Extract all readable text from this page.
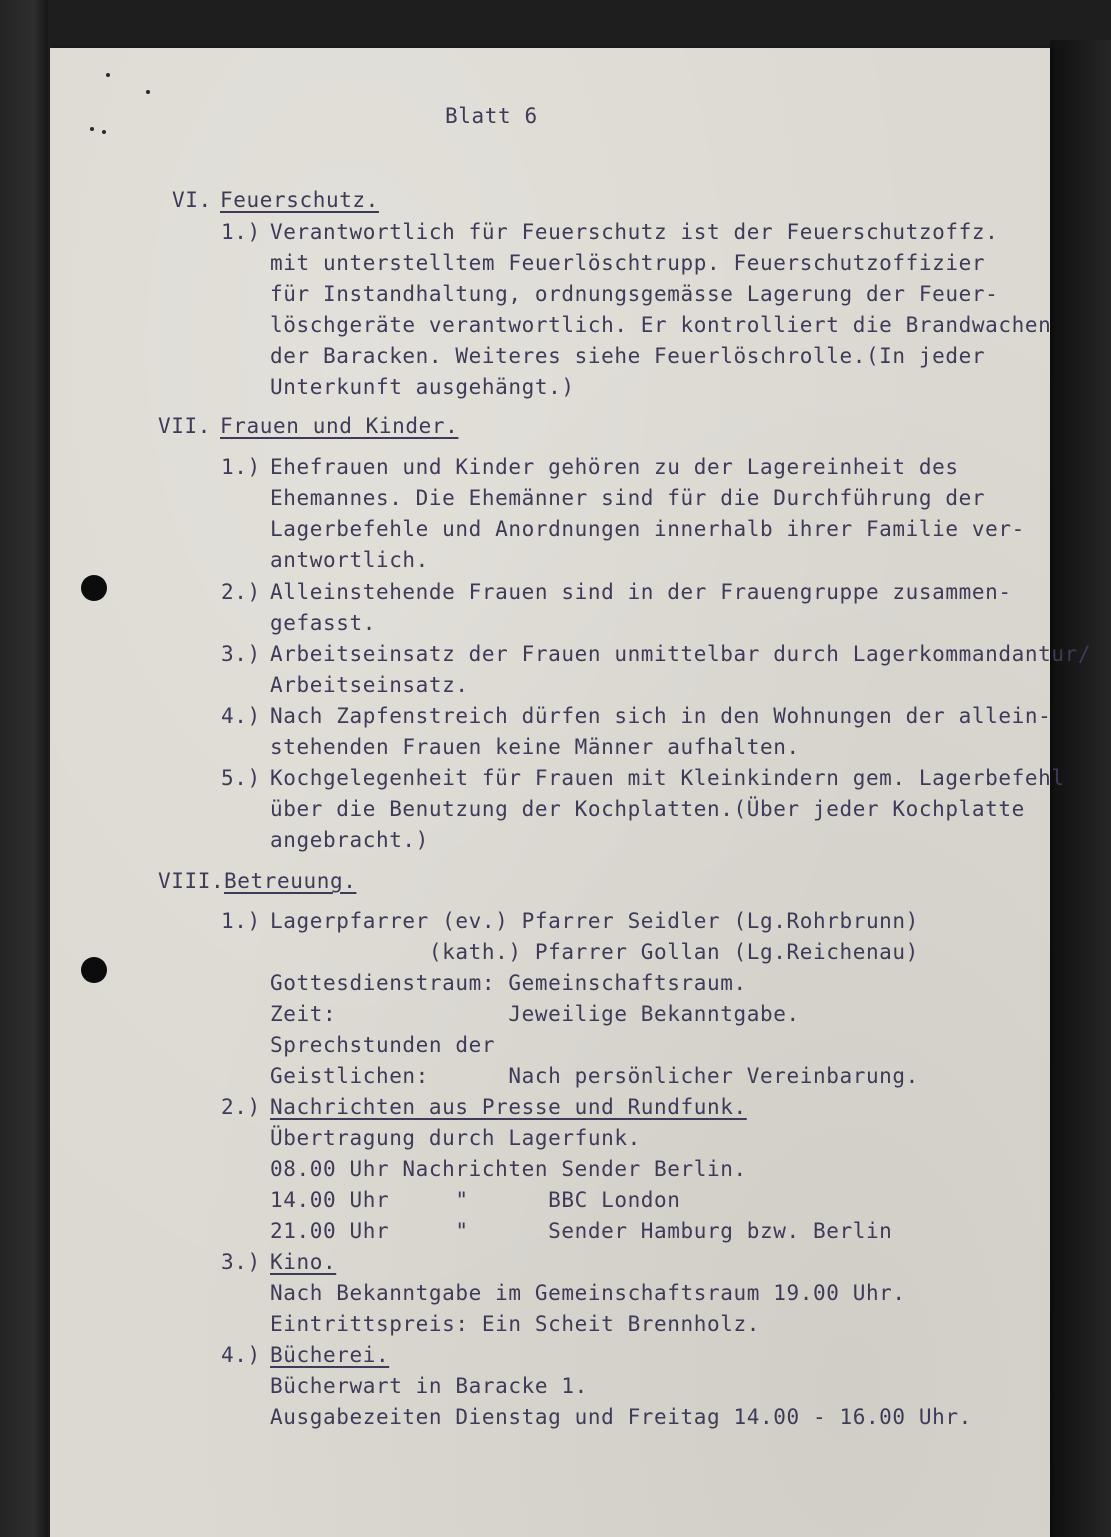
Blatt 6
VI. Feuerschutz.
1.) Verantwortlich für Feuerschutz ist der Feuerschutzoffz.
mit unterstelltem Feuerlöschtrupp. Feuerschutzoffizier
für Instandhaltung, ordnungsgemässe Lagerung der Feuer-
löschgeräte verantwortlich. Er kontrolliert die Brandwachen
der Baracken. Weiteres siehe Feuerlöschrolle.(In jeder
Unterkunft ausgehängt.)
VII. Frauen und Kinder.
1.) Ehefrauen und Kinder gehören zu der Lagereinheit des
Ehemannes. Die Ehemänner sind für die Durchführung der
Lagerbefehle und Anordnungen innerhalb ihrer Familie ver-
antwortlich.
2.) Alleinstehende Frauen sind in der Frauengruppe zusammen-
gefasst.
3.) Arbeitseinsatz der Frauen unmittelbar durch Lagerkommandantur/
Arbeitseinsatz.
4.) Nach Zapfenstreich dürfen sich in den Wohnungen der allein-
stehenden Frauen keine Männer aufhalten.
5.) Kochgelegenheit für Frauen mit Kleinkindern gem. Lagerbefehl
über die Benutzung der Kochplatten.(Über jeder Kochplatte
angebracht.)
VIII. Betreuung.
1.) Lagerpfarrer (ev.) Pfarrer Seidler (Lg.Rohrbrunn)
(kath.) Pfarrer Gollan (Lg.Reichenau)
Gottesdienstraum: Gemeinschaftsraum.
Zeit:             Jeweilige Bekanntgabe.
Sprechstunden der
Geistlichen:      Nach persönlicher Vereinbarung.
2.) Nachrichten aus Presse und Rundfunk.
Übertragung durch Lagerfunk.
08.00 Uhr Nachrichten Sender Berlin.
14.00 Uhr     "      BBC London
21.00 Uhr     "      Sender Hamburg bzw. Berlin
3.) Kino.
Nach Bekanntgabe im Gemeinschaftsraum 19.00 Uhr.
Eintrittspreis: Ein Scheit Brennholz.
4.) Bücherei.
Bücherwart in Baracke 1.
Ausgabezeiten Dienstag und Freitag 14.00 - 16.00 Uhr.
